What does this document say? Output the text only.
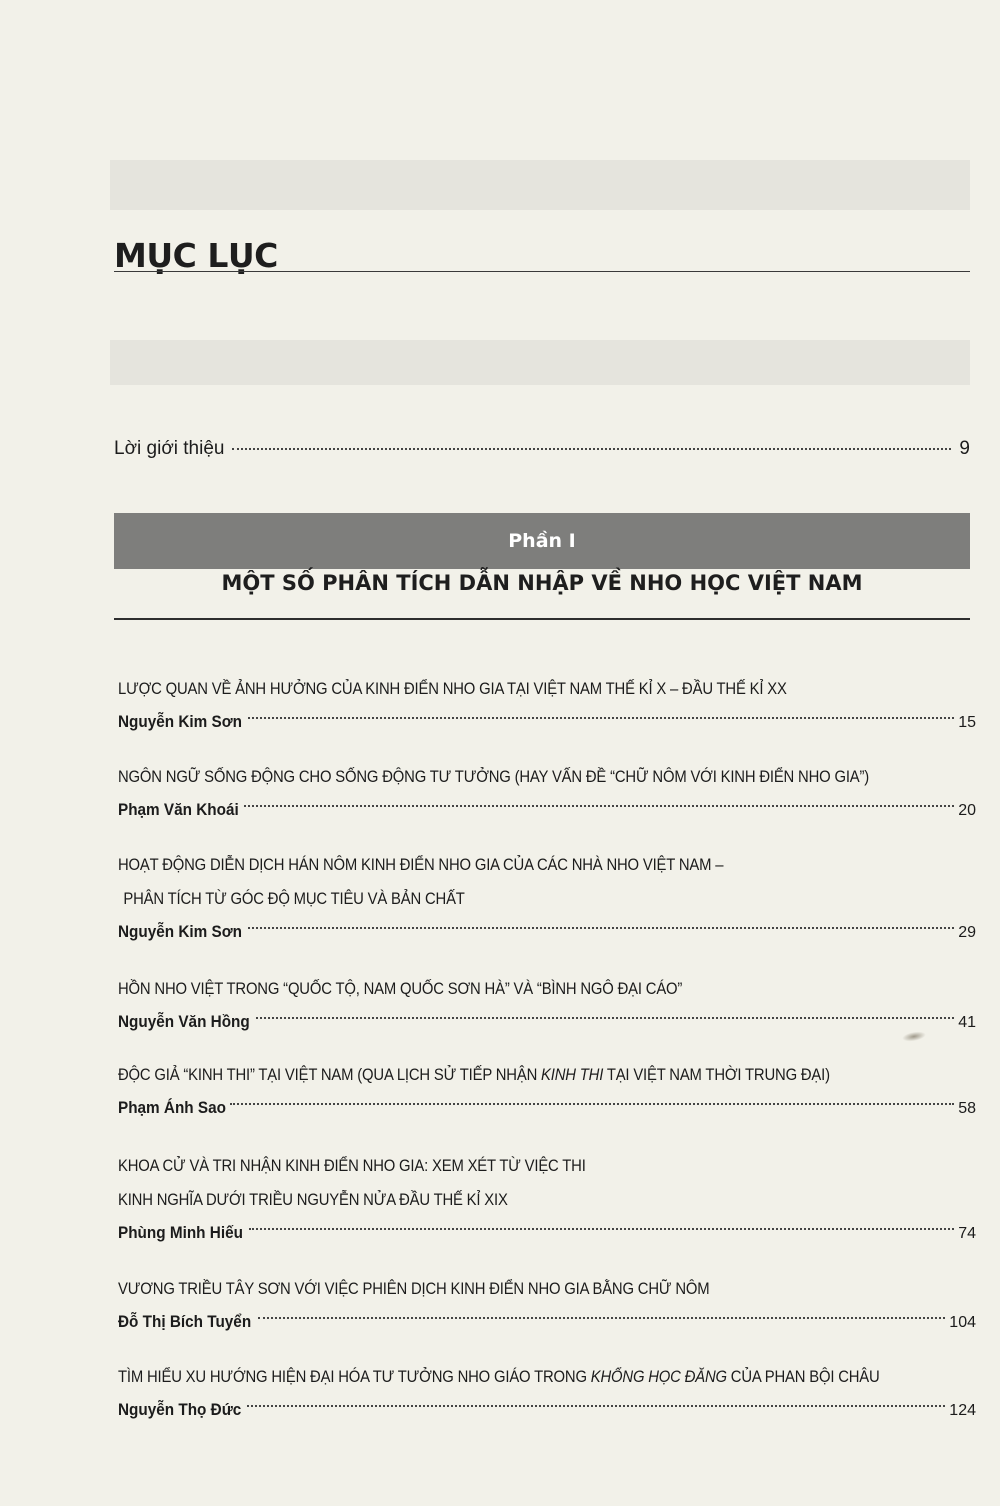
MỤC LỤC
Lời giới thiệu	9
Phần I
MỘT SỐ PHÂN TÍCH DẪN NHẬP VỀ NHO HỌC VIỆT NAM
LƯỢC QUAN VỀ ẢNH HƯỞNG CỦA KINH ĐIỂN NHO GIA TẠI VIỆT NAM THẾ KỈ X – ĐẦU THẾ KỈ XX
Nguyễn Kim Sơn	15
NGÔN NGỮ SỐNG ĐỘNG CHO SỐNG ĐỘNG TƯ TƯỞNG (HAY VẤN ĐỀ “CHỮ NÔM VỚI KINH ĐIỂN NHO GIA”)
Phạm Văn Khoái	20
HOẠT ĐỘNG DIỄN DỊCH HÁN NÔM KINH ĐIỂN NHO GIA CỦA CÁC NHÀ NHO VIỆT NAM –
PHÂN TÍCH TỪ GÓC ĐỘ MỤC TIÊU VÀ BẢN CHẤT
Nguyễn Kim Sơn	29
HỒN NHO VIỆT TRONG “QUỐC TỘ, NAM QUỐC SƠN HÀ” VÀ “BÌNH NGÔ ĐẠI CÁO”
Nguyễn Văn Hồng	41
ĐỘC GIẢ “KINH THI” TẠI VIỆT NAM (QUA LỊCH SỬ TIẾP NHẬN KINH THI TẠI VIỆT NAM THỜI TRUNG ĐẠI)
Phạm Ánh Sao	58
KHOA CỬ VÀ TRI NHẬN KINH ĐIỂN NHO GIA: XEM XÉT TỪ VIỆC THI
KINH NGHĨA DƯỚI TRIỀU NGUYỄN NỬA ĐẦU THẾ KỈ XIX
Phùng Minh Hiếu	74
VƯƠNG TRIỀU TÂY SƠN VỚI VIỆC PHIÊN DỊCH KINH ĐIỂN NHO GIA BẰNG CHỮ NÔM
Đỗ Thị Bích Tuyển	104
TÌM HIỂU XU HƯỚNG HIỆN ĐẠI HÓA TƯ TƯỞNG NHO GIÁO TRONG KHỔNG HỌC ĐĂNG CỦA PHAN BỘI CHÂU
Nguyễn Thọ Đức	124
